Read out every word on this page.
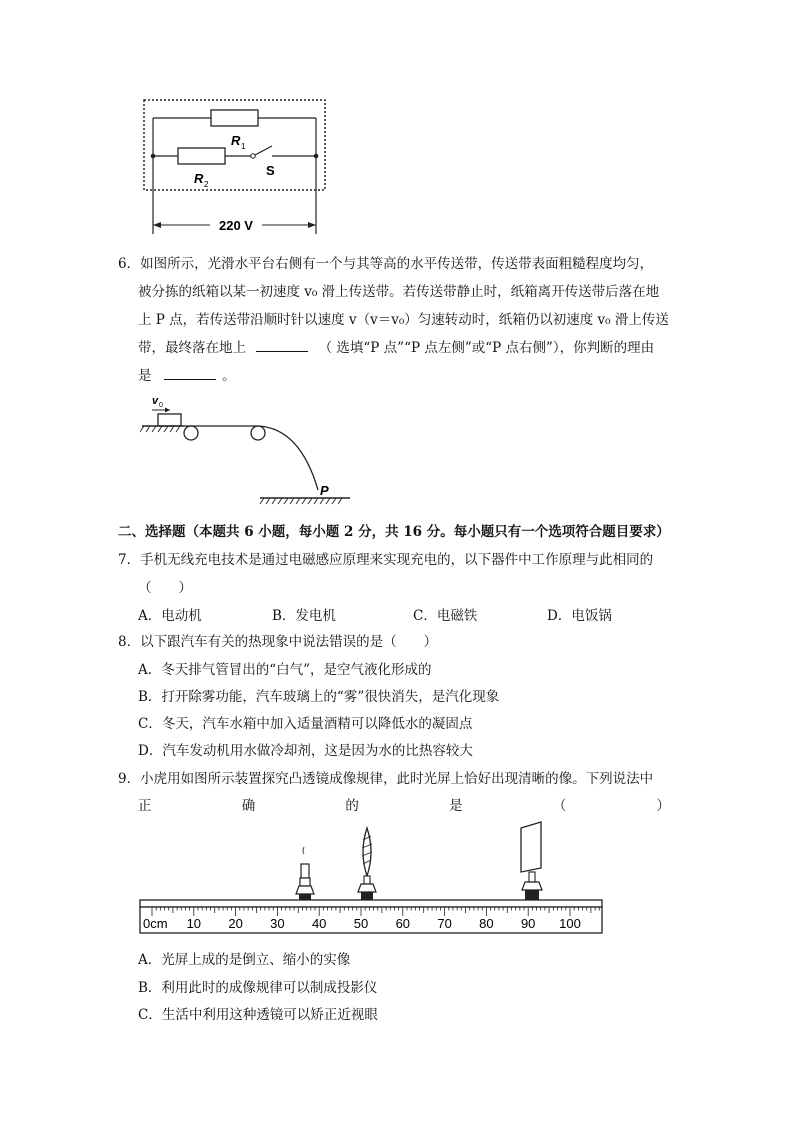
R 1
R 2
S
220 V
6．如图所示，光滑水平台右侧有一个与其等高的水平传送带，传送带表面粗糙程度均匀，
被分拣的纸箱以某一初速度 v₀ 滑上传送带。若传送带静止时，纸箱离开传送带后落在地
上 P 点，若传送带沿顺时针以速度 v（v＝v₀）匀速转动时，纸箱仍以初速度 v₀ 滑上传送
带，最终落在地上	（ 选填“P 点”“P 点左侧”或“P 点右侧”），你判断的理由
是	。
v 0
P
二、选择题（本题共 6 小题，每小题 2 分，共 16 分。每小题只有一个选项符合题目要求）
7．手机无线充电技术是通过电磁感应原理来实现充电的，以下器件中工作原理与此相同的
（　　）
A．电动机	B．发电机	C．电磁铁	D．电饭锅
8．以下跟汽车有关的热现象中说法错误的是（　　）
A．冬天排气管冒出的“白气”，是空气液化形成的
B．打开除雾功能，汽车玻璃上的“雾”很快消失，是汽化现象
C．冬天，汽车水箱中加入适量酒精可以降低水的凝固点
D．汽车发动机用水做冷却剂，这是因为水的比热容较大
9．小虎用如图所示装置探究凸透镜成像规律，此时光屏上恰好出现清晰的像。下列说法中
正	确	的	是	（	）
0cm 10 20 30 40 50 60 70 80 90 100
A．光屏上成的是倒立、缩小的实像
B．利用此时的成像规律可以制成投影仪
C．生活中利用这种透镜可以矫正近视眼
